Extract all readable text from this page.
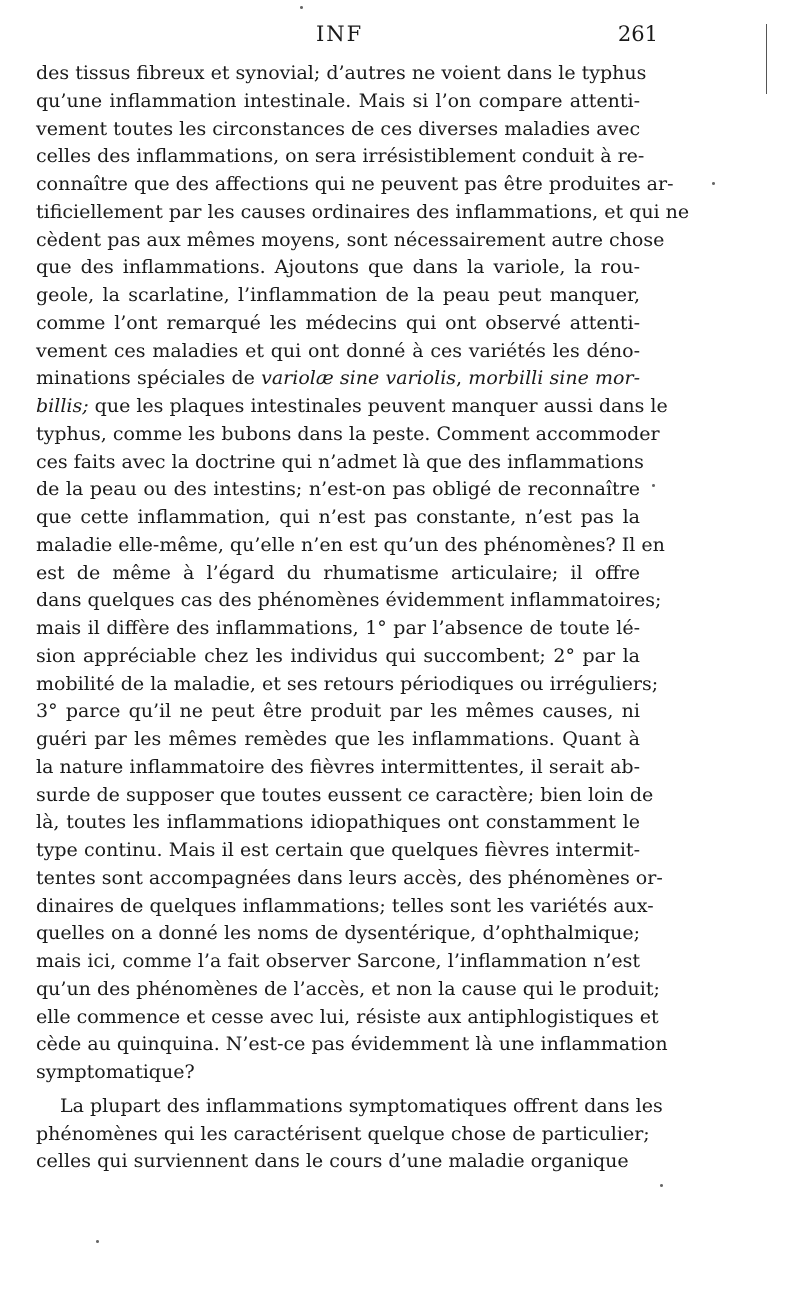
INF	261
des tissus fibreux et synovial; d’autres ne voient dans le typhus
qu’une inflammation intestinale. Mais si l’on compare attenti-
vement toutes les circonstances de ces diverses maladies avec
celles des inflammations, on sera irrésistiblement conduit à re-
connaître que des affections qui ne peuvent pas être produites ar-
tificiellement par les causes ordinaires des inflammations, et qui ne
cèdent pas aux mêmes moyens, sont nécessairement autre chose
que des inflammations. Ajoutons que dans la variole, la rou-
geole, la scarlatine, l’inflammation de la peau peut manquer,
comme l’ont remarqué les médecins qui ont observé attenti-
vement ces maladies et qui ont donné à ces variétés les déno-
minations spéciales de variolæ sine variolis, morbilli sine mor-
billis; que les plaques intestinales peuvent manquer aussi dans le
typhus, comme les bubons dans la peste. Comment accommoder
ces faits avec la doctrine qui n’admet là que des inflammations
de la peau ou des intestins; n’est-on pas obligé de reconnaître
que cette inflammation, qui n’est pas constante, n’est pas la
maladie elle-même, qu’elle n’en est qu’un des phénomènes? Il en
est de même à l’égard du rhumatisme articulaire; il offre
dans quelques cas des phénomènes évidemment inflammatoires;
mais il diffère des inflammations, 1° par l’absence de toute lé-
sion appréciable chez les individus qui succombent; 2° par la
mobilité de la maladie, et ses retours périodiques ou irréguliers;
3° parce qu’il ne peut être produit par les mêmes causes, ni
guéri par les mêmes remèdes que les inflammations. Quant à
la nature inflammatoire des fièvres intermittentes, il serait ab-
surde de supposer que toutes eussent ce caractère; bien loin de
là, toutes les inflammations idiopathiques ont constamment le
type continu. Mais il est certain que quelques fièvres intermit-
tentes sont accompagnées dans leurs accès, des phénomènes or-
dinaires de quelques inflammations; telles sont les variétés aux-
quelles on a donné les noms de dysentérique, d’ophthalmique;
mais ici, comme l’a fait observer Sarcone, l’inflammation n’est
qu’un des phénomènes de l’accès, et non la cause qui le produit;
elle commence et cesse avec lui, résiste aux antiphlogistiques et
cède au quinquina. N’est-ce pas évidemment là une inflammation
symptomatique?
La plupart des inflammations symptomatiques offrent dans les
phénomènes qui les caractérisent quelque chose de particulier;
celles qui surviennent dans le cours d’une maladie organique
